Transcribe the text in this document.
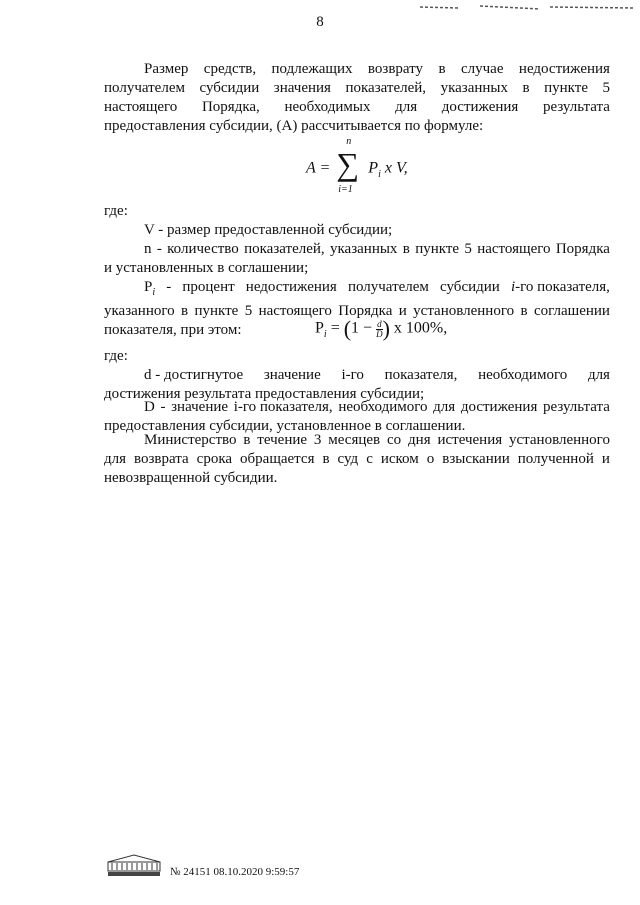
8
Размер средств, подлежащих возврату в случае недостижения
получателем субсидии значения показателей, указанных в пункте 5
настоящего Порядка, необходимых для достижения результата
предоставления субсидии, (А) рассчитывается по формуле:
A =
n
∑
i=1
$P_i$ x V,
где:
V - размер предоставленной субсидии;
n - количество показателей, указанных в пункте 5 настоящего Порядка
и установленных в соглашении;
$P_i$ - процент недостижения получателем субсидии i-го показателя,
указанного в пункте 5 настоящего Порядка и установленного в соглашении
показателя, при этом:	$P_i = (1 - \frac{d}{D}$ ) x 100%,
где:
d - достигнутое значение i-го показателя, необходимого для
достижения результата предоставления субсидии;
D - значение i-го показателя, необходимого для достижения результата
предоставления субсидии, установленное в соглашении.
Министерство в течение 3 месяцев со дня истечения установленного
для возврата срока обращается в суд с иском о взыскании полученной и
невозвращенной субсидии.
№ 24151 08.10.2020 9:59:57
